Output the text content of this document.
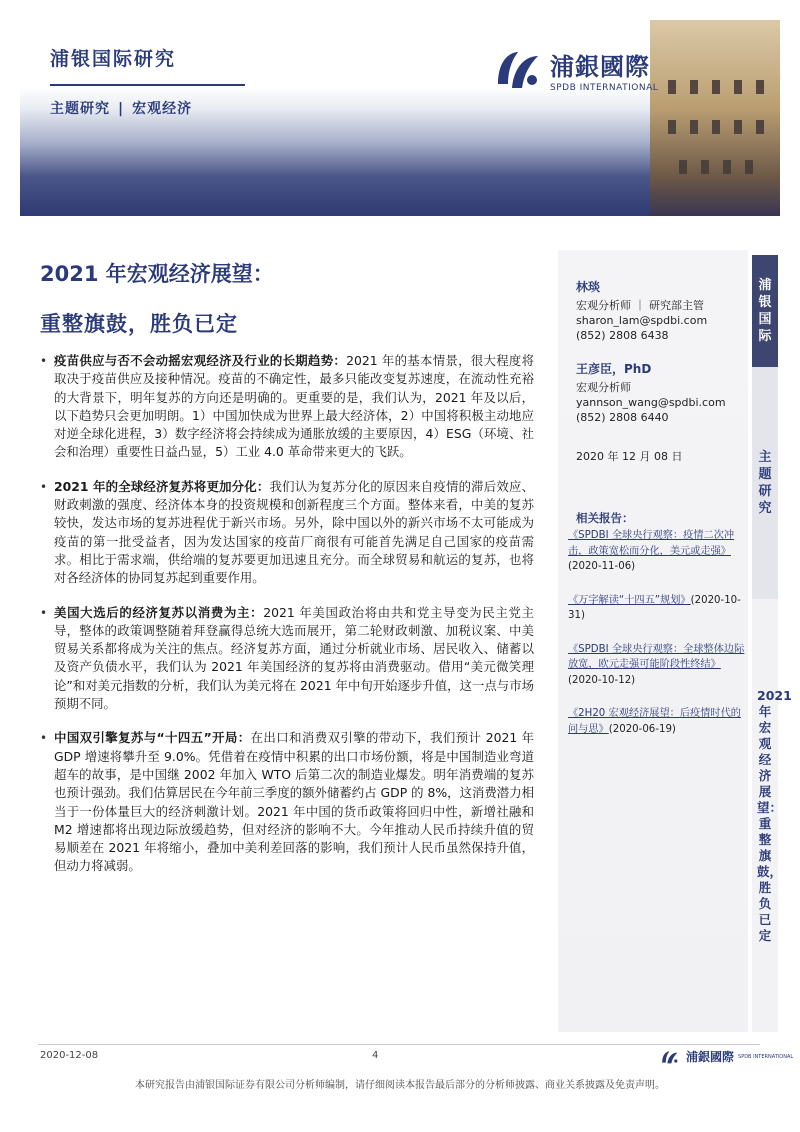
浦银国际研究
主题研究 | 宏观经济
浦銀國際
SPDB INTERNATIONAL
2021 年宏观经济展望：
重整旗鼓，胜负已定
• 疫苗供应与否不会动摇宏观经济及行业的长期趋势：2021 年的基本情景，很大程度将取决于疫苗供应及接种情况。疫苗的不确定性，最多只能改变复苏速度，在流动性充裕的大背景下，明年复苏的方向还是明确的。更重要的是，我们认为，2021 年及以后，以下趋势只会更加明朗。1）中国加快成为世界上最大经济体，2）中国将积极主动地应对逆全球化进程，3）数字经济将会持续成为通胀放缓的主要原因，4）ESG（环境、社会和治理）重要性日益凸显，5）工业 4.0 革命带来更大的飞跃。
• 2021 年的全球经济复苏将更加分化：我们认为复苏分化的原因来自疫情的滞后效应、财政刺激的强度、经济体本身的投资规模和创新程度三个方面。整体来看，中美的复苏较快，发达市场的复苏进程优于新兴市场。另外，除中国以外的新兴市场不太可能成为疫苗的第一批受益者，因为发达国家的疫苗厂商很有可能首先满足自己国家的疫苗需求。相比于需求端，供给端的复苏要更加迅速且充分。而全球贸易和航运的复苏，也将对各经济体的协同复苏起到重要作用。
• 美国大选后的经济复苏以消费为主：2021 年美国政治将由共和党主导变为民主党主导，整体的政策调整随着拜登赢得总统大选而展开，第二轮财政刺激、加税议案、中美贸易关系都将成为关注的焦点。经济复苏方面，通过分析就业市场、居民收入、储蓄以及资产负债水平，我们认为 2021 年美国经济的复苏将由消费驱动。借用“美元微笑理论”和对美元指数的分析，我们认为美元将在 2021 年中旬开始逐步升值，这一点与市场预期不同。
• 中国双引擎复苏与“十四五”开局：在出口和消费双引擎的带动下，我们预计 2021 年 GDP 增速将攀升至 9.0%。凭借着在疫情中积累的出口市场份额，将是中国制造业弯道超车的故事，是中国继 2002 年加入 WTO 后第二次的制造业爆发。明年消费端的复苏也预计强劲。我们估算居民在今年前三季度的额外储蓄约占 GDP 的 8%，这消费潜力相当于一份体量巨大的经济刺激计划。2021 年中国的货币政策将回归中性，新增社融和 M2 增速都将出现边际放缓趋势，但对经济的影响不大。今年推动人民币持续升值的贸易顺差在 2021 年将缩小，叠加中美利差回落的影响，我们预计人民币虽然保持升值，但动力将减弱。
林琰
宏观分析师 ｜ 研究部主管
sharon_lam@spdbi.com
(852) 2808 6438
王彦臣，PhD
宏观分析师
yannson_wang@spdbi.com
(852) 2808 6440
2020 年 12 月 08 日
相关报告：
《SPDBI 全球央行观察：疫情二次冲击，政策宽松而分化，美元或走强》(2020-11-06)
《万字解读“十四五”规划》(2020-10-31)
《SPDBI 全球央行观察：全球整体边际放宽，欧元走强可能阶段性终结》(2020-10-12)
《2H20 宏观经济展望：后疫情时代的问与思》(2020-06-19)
浦银国际
主题研究
2021年宏观经济展望：重整旗鼓，胜负已定
2020-12-08	4	浦銀國際 SPDB INTERNATIONAL
本研究报告由浦银国际证券有限公司分析师编制，请仔细阅读本报告最后部分的分析师披露、商业关系披露及免责声明。
